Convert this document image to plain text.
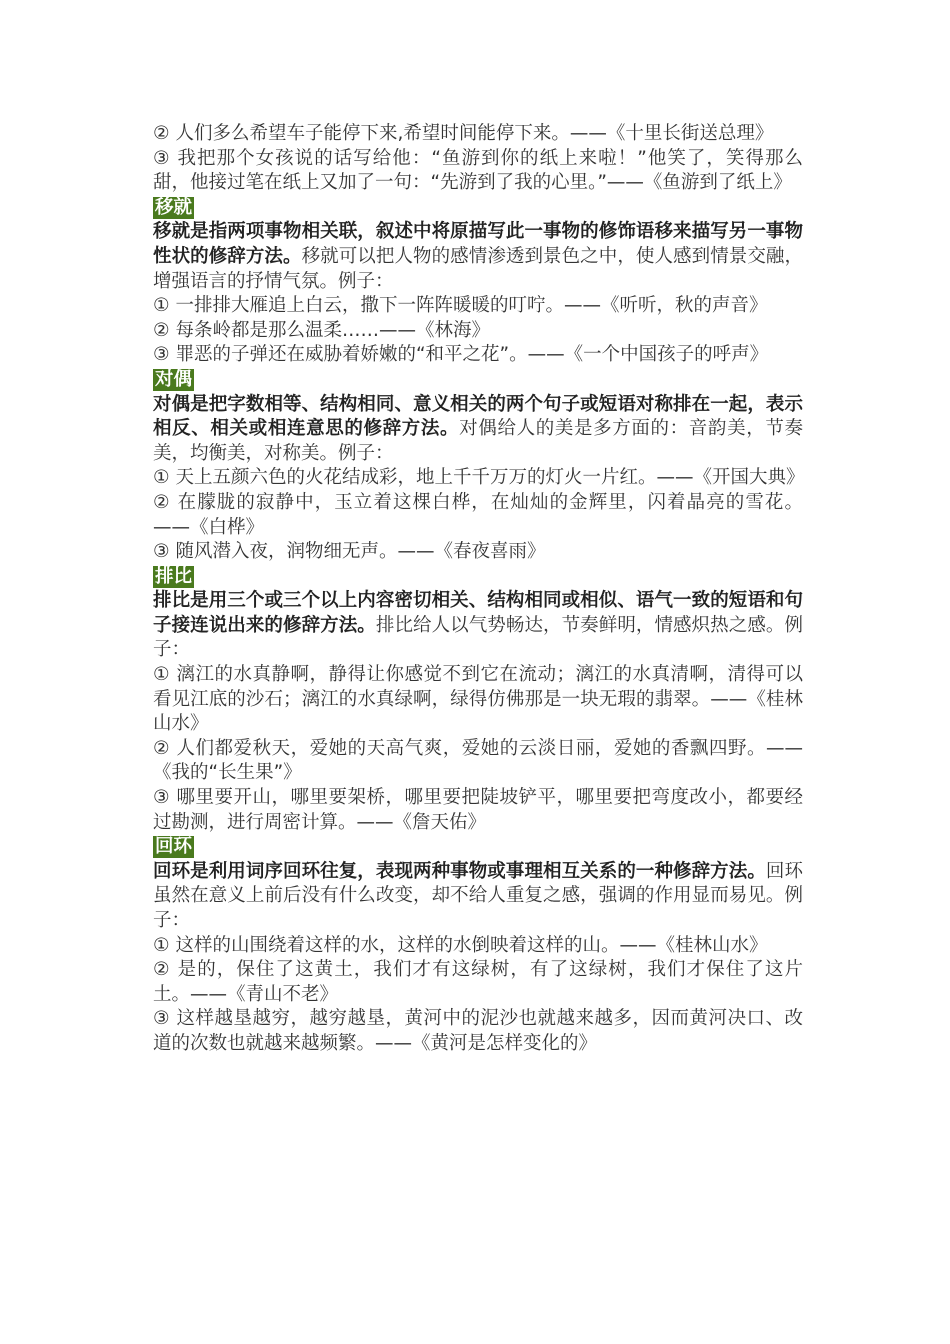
② 人们多么希望车子能停下来,希望时间能停下来。——《十里长街送总理》

③ 我把那个女孩说的话写给他：“鱼游到你的纸上来啦！”他笑了，笑得那么甜，他接过笔在纸上又加了一句：“先游到了我的心里。”——《鱼游到了纸上》

移就

移就是指两项事物相关联，叙述中将原描写此一事物的修饰语移来描写另一事物性状的修辞方法。移就可以把人物的感情渗透到景色之中，使人感到情景交融，增强语言的抒情气氛。例子：

① 一排排大雁追上白云，撒下一阵阵暖暖的叮咛。——《听听，秋的声音》

② 每条岭都是那么温柔……——《林海》

③ 罪恶的子弹还在威胁着娇嫩的“和平之花”。——《一个中国孩子的呼声》

对偶

对偶是把字数相等、结构相同、意义相关的两个句子或短语对称排在一起，表示相反、相关或相连意思的修辞方法。对偶给人的美是多方面的：音韵美，节奏美，均衡美，对称美。例子：

① 天上五颜六色的火花结成彩，地上千千万万的灯火一片红。——《开国大典》

② 在朦胧的寂静中，玉立着这棵白桦，在灿灿的金辉里，闪着晶亮的雪花。——《白桦》

③ 随风潜入夜，润物细无声。——《春夜喜雨》

排比

排比是用三个或三个以上内容密切相关、结构相同或相似、语气一致的短语和句子接连说出来的修辞方法。排比给人以气势畅达，节奏鲜明，情感炽热之感。例子：

① 漓江的水真静啊，静得让你感觉不到它在流动；漓江的水真清啊，清得可以看见江底的沙石；漓江的水真绿啊，绿得仿佛那是一块无瑕的翡翠。——《桂林山水》

② 人们都爱秋天，爱她的天高气爽，爱她的云淡日丽，爱她的香飘四野。——《我的“长生果”》

③ 哪里要开山，哪里要架桥，哪里要把陡坡铲平，哪里要把弯度改小，都要经过勘测，进行周密计算。——《詹天佑》

回环

回环是利用词序回环往复，表现两种事物或事理相互关系的一种修辞方法。回环虽然在意义上前后没有什么改变，却不给人重复之感，强调的作用显而易见。例子：

① 这样的山围绕着这样的水，这样的水倒映着这样的山。——《桂林山水》

② 是的，保住了这黄土，我们才有这绿树，有了这绿树，我们才保住了这片土。——《青山不老》

③ 这样越垦越穷，越穷越垦，黄河中的泥沙也就越来越多，因而黄河决口、改道的次数也就越来越频繁。——《黄河是怎样变化的》
